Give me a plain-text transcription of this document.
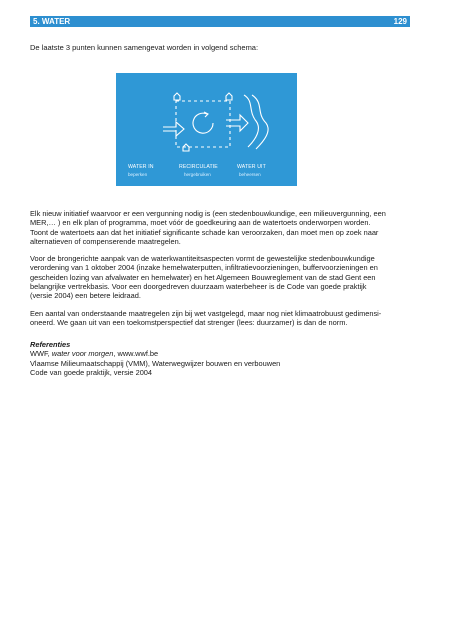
5. WATER	129
De laatste 3 punten kunnen samengevat worden in volgend schema:
WATER IN
beperken
RECIRCULATIE
hergebruiken
WATER UIT
beheersen
Elk nieuw initiatief waarvoor er een vergunning nodig is (een stedenbouwkundige, een milieuvergunning, een
MER,… ) en elk plan of programma, moet vóór de goedkeuring aan de watertoets onderworpen worden.
Toont de watertoets aan dat het initiatief significante schade kan veroorzaken, dan moet men op zoek naar
alternatieven of compenserende maatregelen.
Voor de brongerichte aanpak van de waterkwantiteitsaspecten vormt de gewestelijke stedenbouwkundige
verordening van 1 oktober 2004 (inzake hemelwaterputten, infiltratievoorzieningen, buffervoorzieningen en
gescheiden lozing van afvalwater en hemelwater) en het Algemeen Bouwreglement van de stad Gent een
belangrijke vertrekbasis. Voor een doorgedreven duurzaam waterbeheer is de Code van goede praktijk
(versie 2004) een betere leidraad.
Een aantal van onderstaande maatregelen zijn bij wet vastgelegd, maar nog niet klimaatrobuust gedimensi-
oneerd. We gaan uit van een toekomstperspectief dat strenger (lees: duurzamer) is dan de norm.
Referenties
WWF, water voor morgen, www.wwf.be
Vlaamse Milieumaatschappij (VMM), Waterwegwijzer bouwen en verbouwen
Code van goede praktijk, versie 2004
